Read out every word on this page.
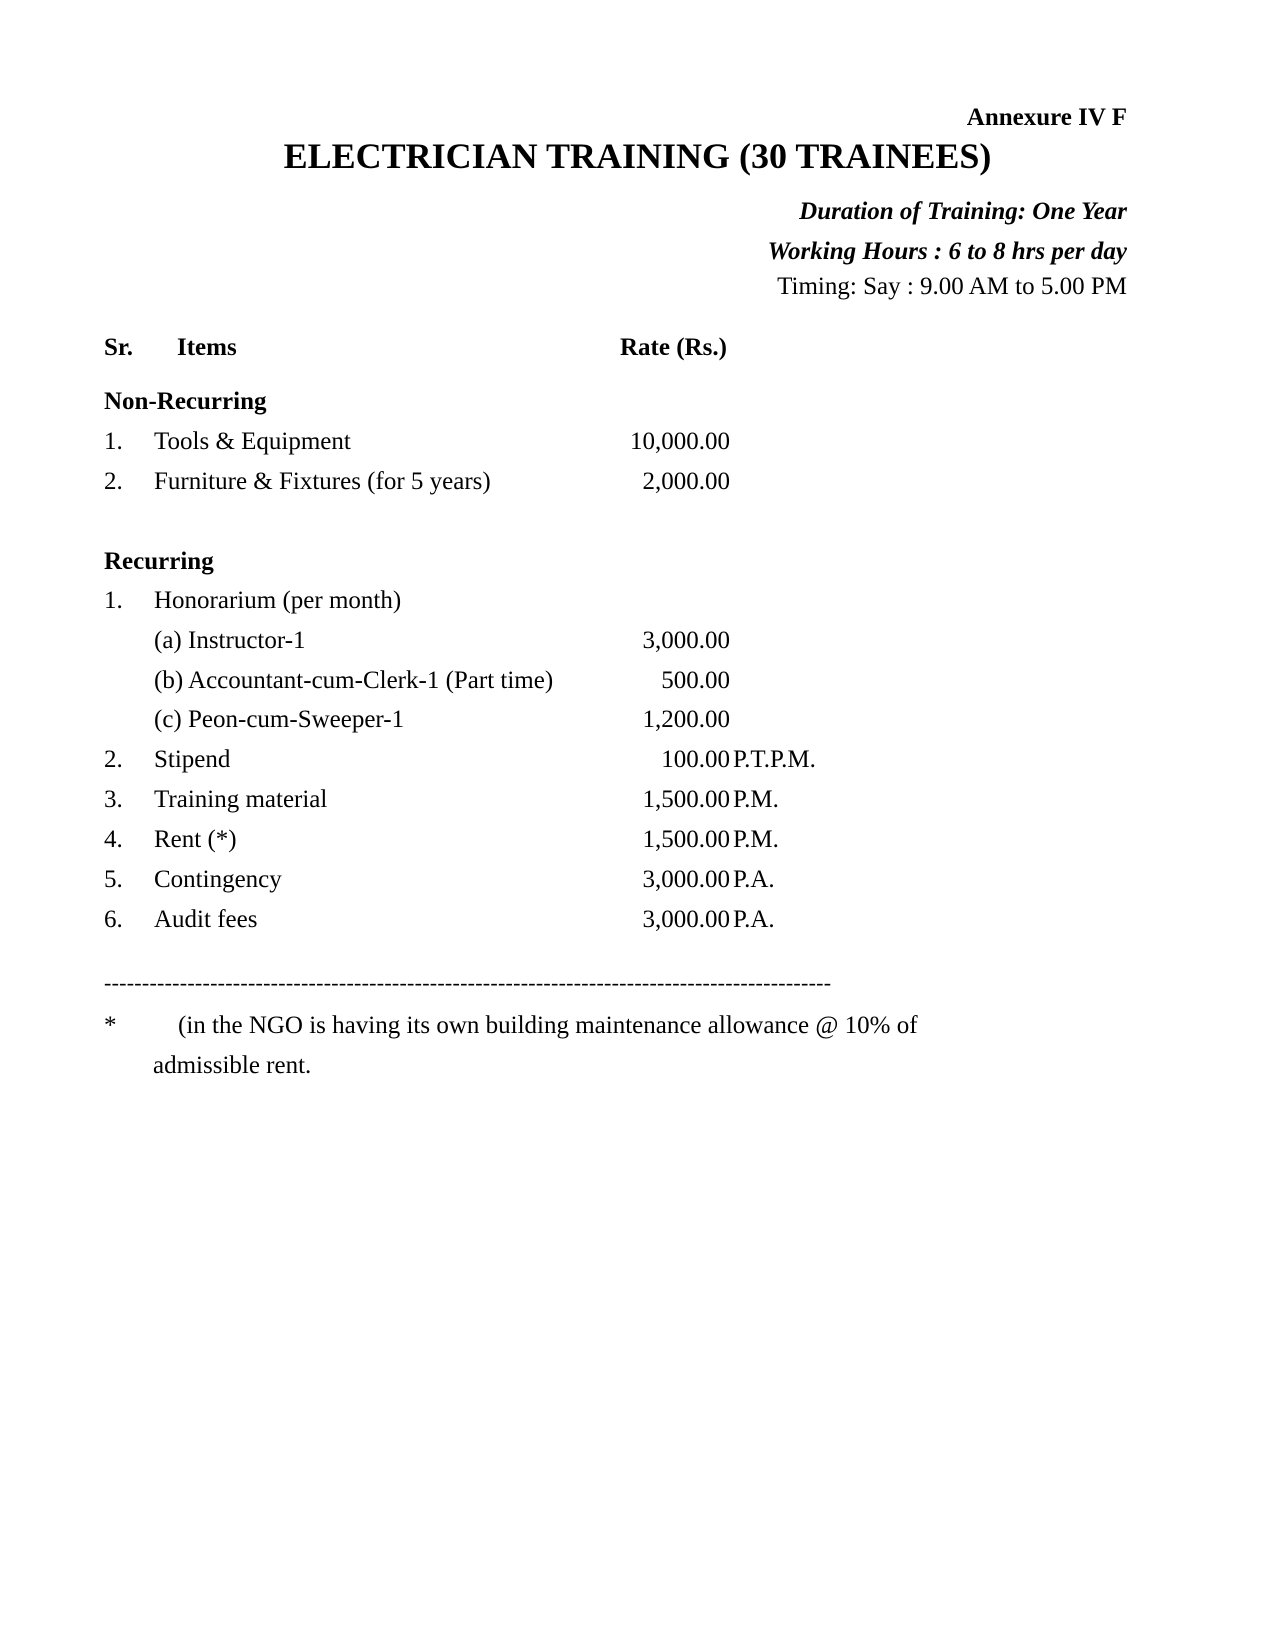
Annexure IV F
ELECTRICIAN TRAINING (30 TRAINEES)
Duration of Training: One Year
Working Hours : 6 to 8 hrs per day
Timing: Say : 9.00 AM to 5.00 PM
Sr. Items	Rate (Rs.)
Non-Recurring
1. Tools & Equipment	10,000.00
2. Furniture & Fixtures (for 5 years)	2,000.00
Recurring
1. Honorarium (per month)
(a) Instructor-1	3,000.00
(b) Accountant-cum-Clerk-1 (Part time)	500.00
(c) Peon-cum-Sweeper-1	1,200.00
2. Stipend	100.00 P.T.P.M.
3. Training material	1,500.00 P.M.
4. Rent (*)	1,500.00 P.M.
5. Contingency	3,000.00 P.A.
6. Audit fees	3,000.00 P.A.
------------------------------------------------------------------------------------------------
* (in the NGO is having its own building maintenance allowance @ 10% of
admissible rent.
